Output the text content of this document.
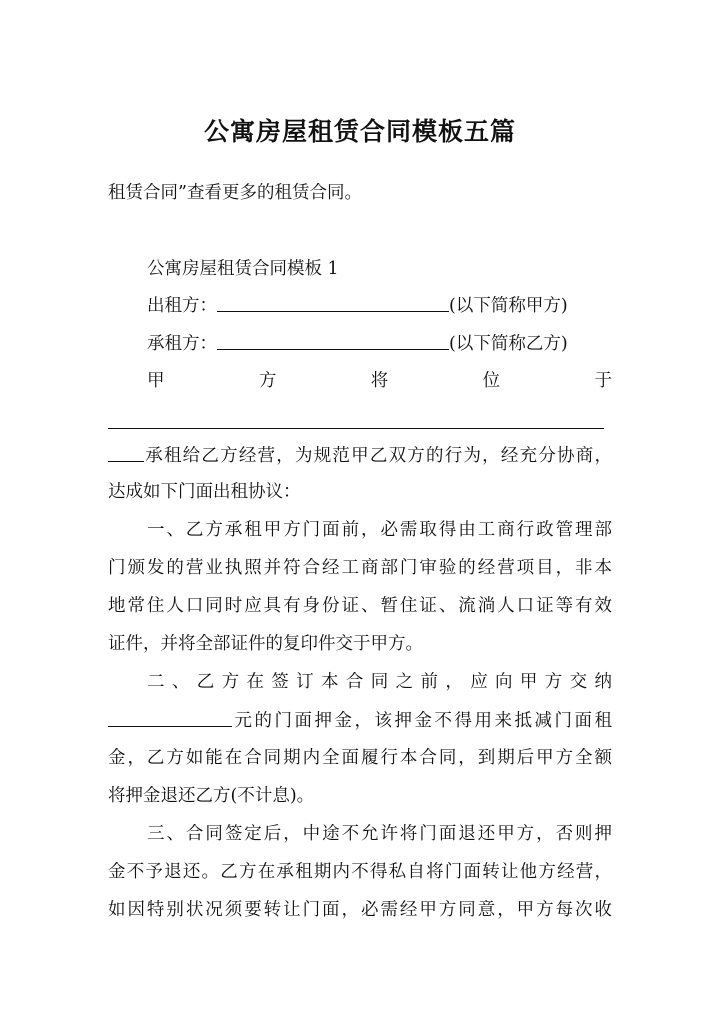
公寓房屋租赁合同模板五篇
租赁合同”查看更多的租赁合同。
公寓房屋租赁合同模板 1
出租方：	(以下简称甲方)
承租方：	(以下简称乙方)
甲	方	将	位	于
承租给乙方经营，为规范甲乙双方的行为，经充分协商，
达成如下门面出租协议：
一、乙方承租甲方门面前，必需取得由工商行政管理部
门颁发的营业执照并符合经工商部门审验的经营项目，非本
地常住人口同时应具有身份证、暂住证、流淌人口证等有效
证件，并将全部证件的复印件交于甲方。
二、乙方在签订本合同之前，应向甲方交纳
元的门面押金，该押金不得用来抵减门面租
金，乙方如能在合同期内全面履行本合同，到期后甲方全额
将押金退还乙方(不计息)。
三、合同签定后，中途不允许将门面退还甲方，否则押
金不予退还。乙方在承租期内不得私自将门面转让他方经营，
如因特别状况须要转让门面，必需经甲方同意，甲方每次收
